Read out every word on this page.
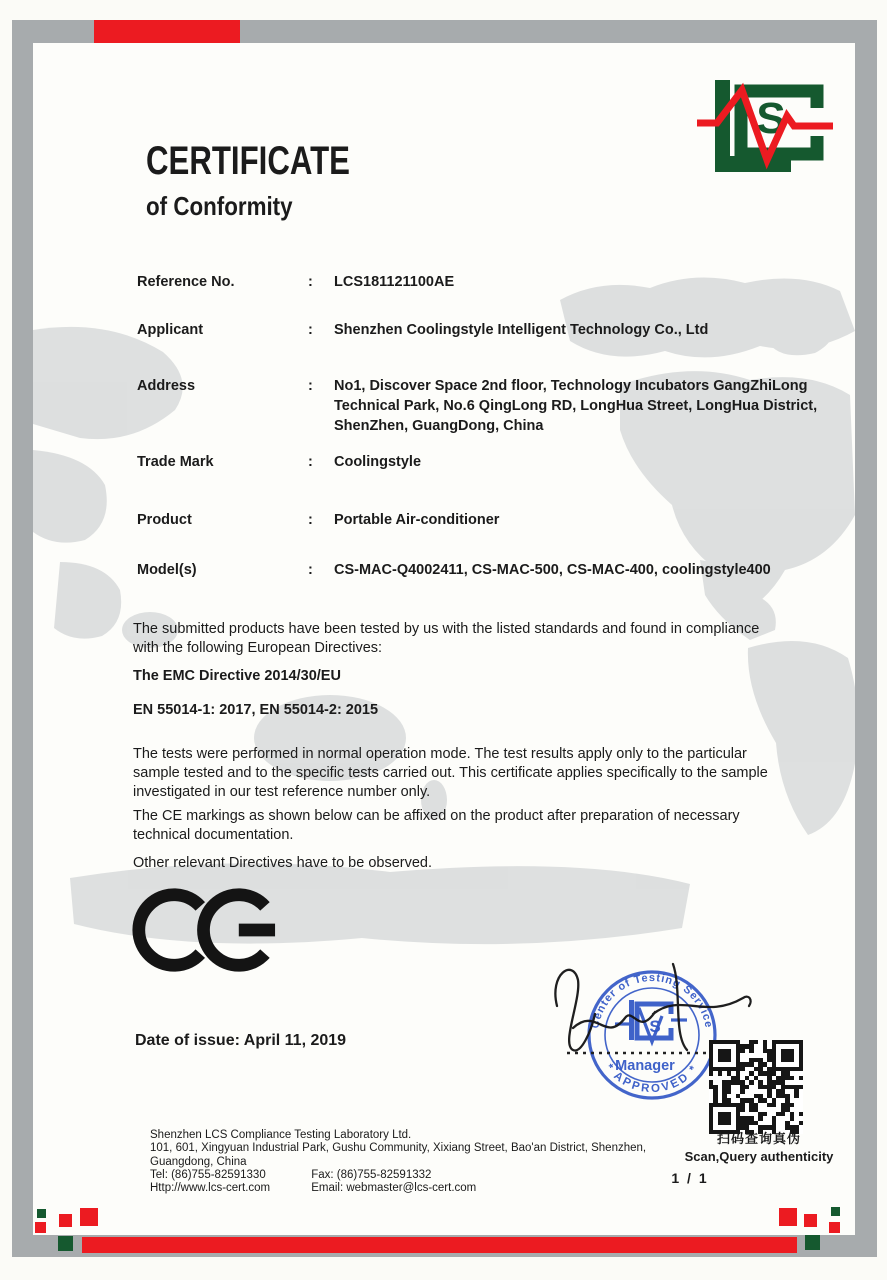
S
CERTIFICATE
of Conformity
Reference No.	:	LCS181121100AE
Applicant	:	Shenzhen Coolingstyle Intelligent Technology Co., Ltd
Address	:	No1, Discover Space 2nd floor, Technology Incubators GangZhiLong Technical Park, No.6 QingLong RD, LongHua Street, LongHua District, ShenZhen, GuangDong, China
Trade Mark	:	Coolingstyle
Product	:	Portable Air-conditioner
Model(s)	:	CS-MAC-Q4002411, CS-MAC-500, CS-MAC-400, coolingstyle400

The submitted products have been tested by us with the listed standards and found in compliance with the following European Directives:

The EMC Directive 2014/30/EU

EN 55014-1: 2017, EN 55014-2: 2015

The tests were performed in normal operation mode. The test results apply only to the particular sample tested and to the specific tests carried out. This certificate applies specifically to the sample investigated in our test reference number only.

The CE markings as shown below can be affixed on the product after preparation of necessary technical documentation.

Other relevant Directives have to be observed.

Date of issue: April 11, 2019
Center of Testing Service
* APPROVED *
S
Manager
扫码查询真伪
Scan,Query authenticity
Shenzhen LCS Compliance Testing Laboratory Ltd.
101, 601, Xingyuan Industrial Park, Gushu Community, Xixiang Street, Bao'an District, Shenzhen,
Guangdong, China
Tel: (86)755-82591330	Fax: (86)755-82591332
Http://www.lcs-cert.com	Email: webmaster@lcs-cert.com
1 / 1
